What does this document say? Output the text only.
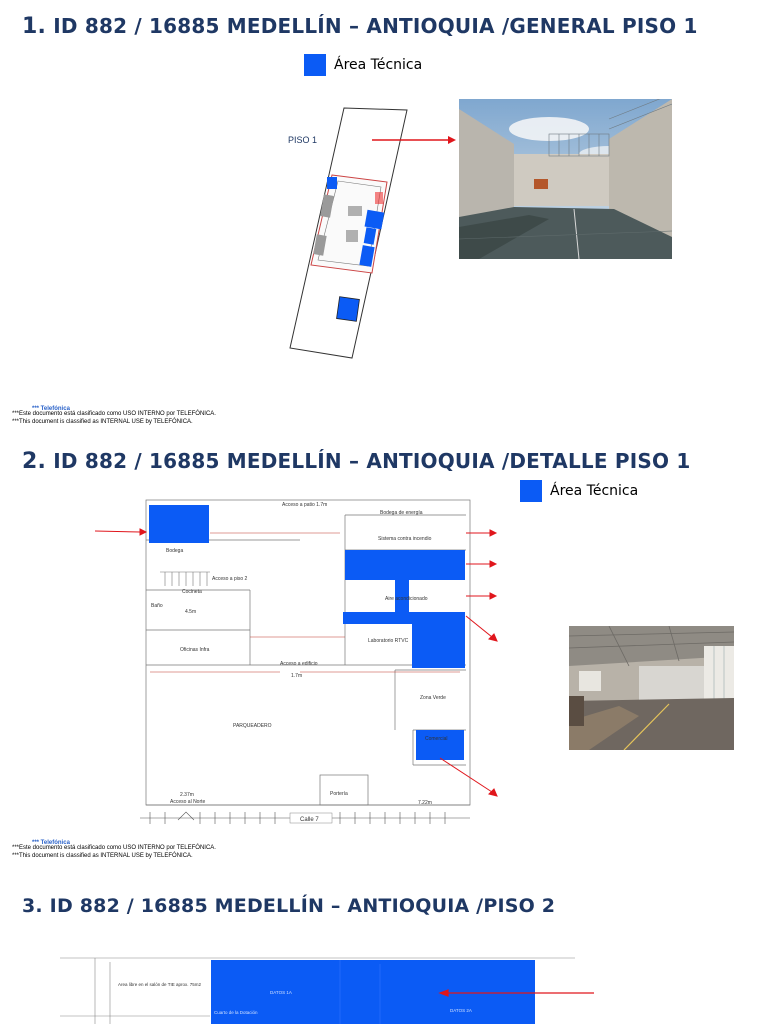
1. ID 882 / 16885 MEDELLÍN – ANTIOQUIA /GENERAL PISO 1
Área Técnica
PISO 1
*** Telefónica
***Este documento está clasificado como USO INTERNO por TELEFÓNICA.
***This document is classified as INTERNAL USE by TELEFÓNICA.
2. ID 882 / 16885 MEDELLÍN – ANTIOQUIA /DETALLE PISO 1
Área Técnica
Acceso a patio 1.7m
Bodega de energía
Sistema contra incendio
Aire acondicionado
Laboratorio RTVC
Bodega
Acceso a piso 2
Baño
Cocineta
Oficinas Infra
Acceso a edificio
1.7m
Zona Verde
PARQUEADERO
Comercial
Portería
Acceso al Norte
2.37m
4.5m
7.22m
Calle 7
*** Telefónica
***Este documento está clasificado como USO INTERNO por TELEFÓNICA.
***This document is classified as INTERNAL USE by TELEFÓNICA.
3. ID 882 / 16885 MEDELLÍN – ANTIOQUIA /PISO 2
Area libre en el salón de TIE aprox. 75m2
Cuarto de la Dotación
DATOS 1A
DATOS 2A
